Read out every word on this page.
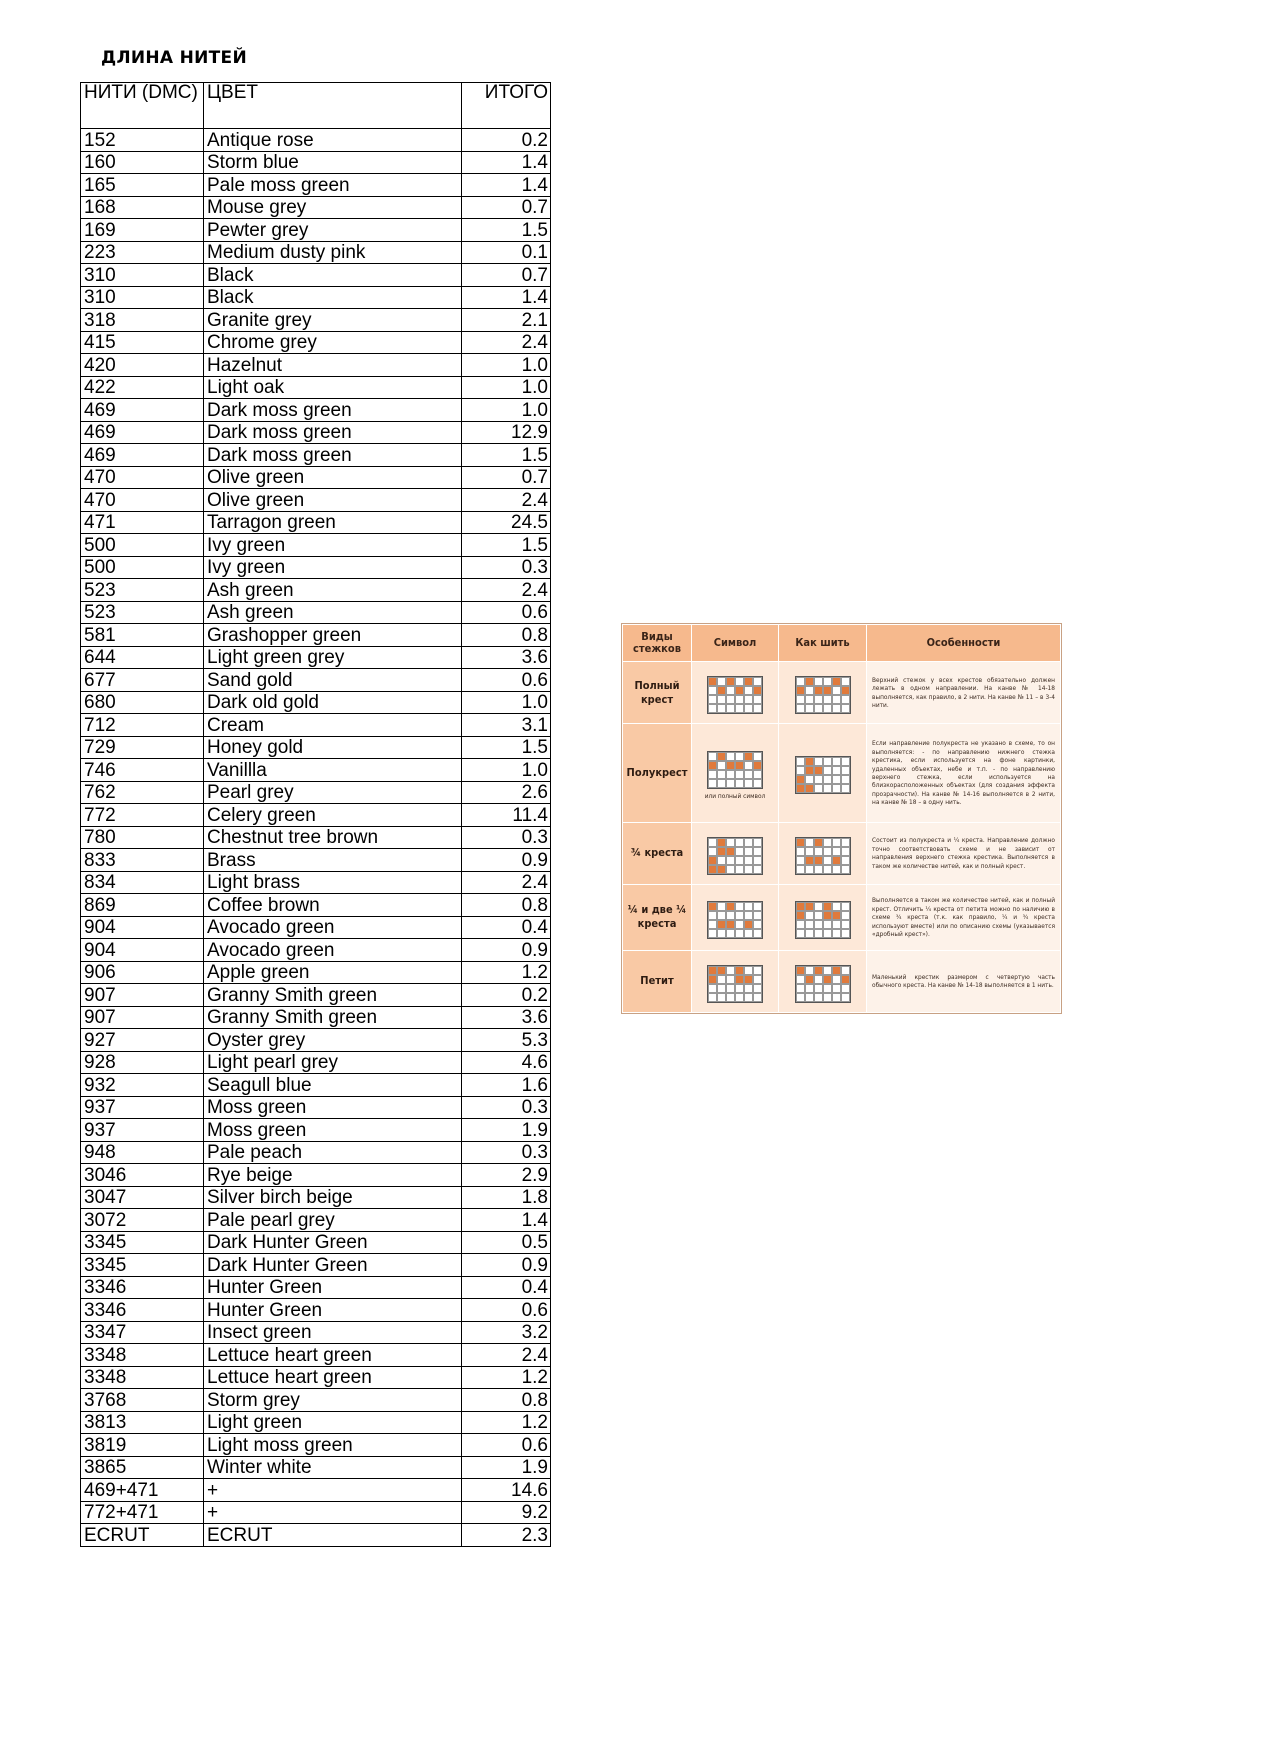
ДЛИНА НИТЕЙ
НИТИ (DMC)	ЦВЕТ	ИТОГО
152	Antique rose	0.2
160	Storm blue	1.4
165	Pale moss green	1.4
168	Mouse grey	0.7
169	Pewter grey	1.5
223	Medium dusty pink	0.1
310	Black	0.7
310	Black	1.4
318	Granite grey	2.1
415	Chrome grey	2.4
420	Hazelnut	1.0
422	Light oak	1.0
469	Dark moss green	1.0
469	Dark moss green	12.9
469	Dark moss green	1.5
470	Olive green	0.7
470	Olive green	2.4
471	Tarragon green	24.5
500	Ivy green	1.5
500	Ivy green	0.3
523	Ash green	2.4
523	Ash green	0.6
581	Grashopper green	0.8
644	Light green grey	3.6
677	Sand gold	0.6
680	Dark old gold	1.0
712	Cream	3.1
729	Honey gold	1.5
746	Vanillla	1.0
762	Pearl grey	2.6
772	Celery green	11.4
780	Chestnut tree brown	0.3
833	Brass	0.9
834	Light brass	2.4
869	Coffee brown	0.8
904	Avocado green	0.4
904	Avocado green	0.9
906	Apple green	1.2
907	Granny Smith green	0.2
907	Granny Smith green	3.6
927	Oyster grey	5.3
928	Light pearl grey	4.6
932	Seagull blue	1.6
937	Moss green	0.3
937	Moss green	1.9
948	Pale peach	0.3
3046	Rye beige	2.9
3047	Silver birch beige	1.8
3072	Pale pearl grey	1.4
3345	Dark Hunter Green	0.5
3345	Dark Hunter Green	0.9
3346	Hunter Green	0.4
3346	Hunter Green	0.6
3347	Insect green	3.2
3348	Lettuce heart green	2.4
3348	Lettuce heart green	1.2
3768	Storm grey	0.8
3813	Light green	1.2
3819	Light moss green	0.6
3865	Winter white	1.9
469+471	+	14.6
772+471	+	9.2
ECRUT	ECRUT	2.3
Виды стежков	Символ	Как шить	Особенности
Полный крест			Верхний стежок у всех крестов обязательно должен лежать в одном направлении. На канве № 14-18 выполняется, как правило, в 2 нити. На канве № 11 – в 3-4 нити.
Полукрест	или полный символ		Если направление полукреста не указано в схеме, то он выполняется: - по направлению нижнего стежка крестика, если используется на фоне картинки, удаленных объектах, небе и т.п. - по направлению верхнего стежка, если используется на близкорасположенных объектах (для создания эффекта прозрачности). На канве № 14-16 выполняется в 2 нити, на канве № 18 – в одну нить.
¾ креста			Состоит из полукреста и ¼ креста. Направление должно точно соответствовать схеме и не зависит от направления верхнего стежка крестика. Выполняется в таком же количестве нитей, как и полный крест.
¼ и две ¼ креста			Выполняется в таком же количестве нитей, как и полный крест. Отличить ¼ креста от петита можно по наличию в схеме ¾ креста (т.к. как правило, ¼ и ¾ креста используют вместе) или по описанию схемы (указывается «дробный крест»).
Петит			Маленький крестик размером с четвертую часть обычного креста. На канве № 14-18 выполняется в 1 нить.
